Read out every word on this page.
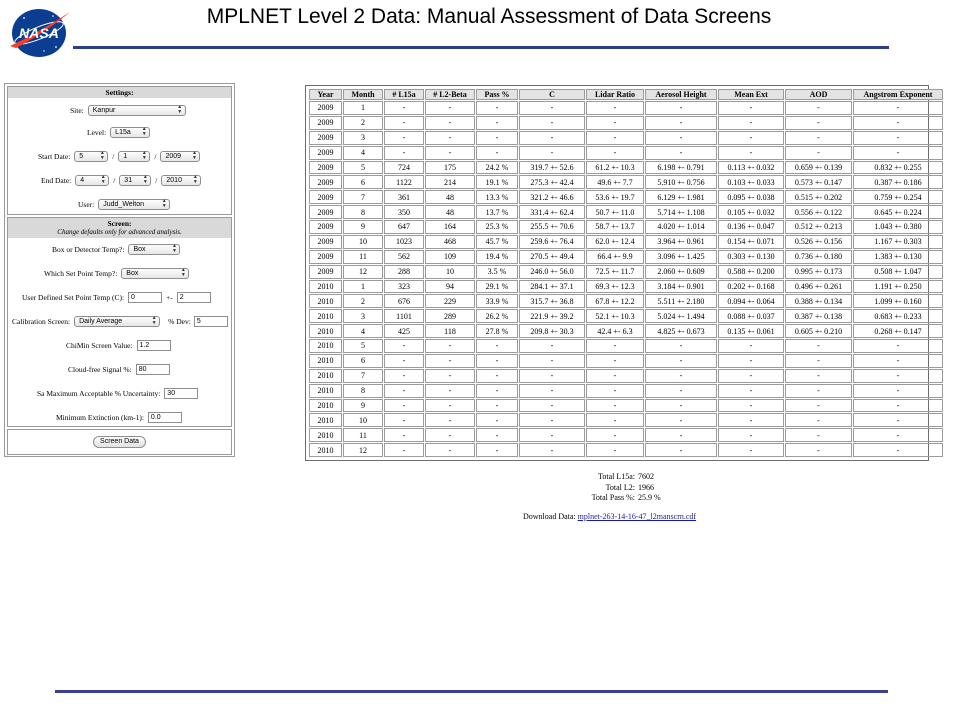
NASA
MPLNET Level 2 Data: Manual Assessment of Data Screens
Settings:
Site: Kanpur	▲
▼
Level: L15a ▲
▼
Start Date: 5	▲
▼ / 1	▲
▼ / 2009 ▲
▼
End Date: 4	▲
▼ / 31 ▲
▼ / 2010 ▲
▼
User: Judd_Welton	▲
▼
Screen:
Change defaults only for advanced analysis.
Box or Detector Temp?: Box	▲
▼
Which Set Point Temp?: Box	▲
▼
User Defined Set Point Temp (C):	0	+-	2
Calibration Screen: Daily Average	▲
▼ % Dev: 5
ChiMin Screen Value:	1.2
Cloud-free Signal %:	80
Sa Maximum Acceptable % Uncertainty:	30
Minimum Extinction (km-1):	0.0
Screen Data
Year	Month	# L15a	# L2-Beta	Pass %	C	Lidar Ratio	Aerosol Height	Mean Ext	AOD	Angstrom Exponent
2009	1	-	-	-	-	-	-	-	-	-
2009	2	-	-	-	-	-	-	-	-	-
2009	3	-	-	-	-	-	-	-	-	-
2009	4	-	-	-	-	-	-	-	-	-
2009	5	724	175	24.2 %	319.7 +- 52.6	61.2 +- 10.3	6.198 +- 0.791	0.113 +- 0.032	0.659 +- 0.139	0.832 +- 0.255
2009	6	1122	214	19.1 %	275.3 +- 42.4	49.6 +- 7.7	5.910 +- 0.756	0.103 +- 0.033	0.573 +- 0.147	0.387 +- 0.186
2009	7	361	48	13.3 %	321.2 +- 46.6	53.6 +- 19.7	6.129 +- 1.981	0.095 +- 0.038	0.515 +- 0.202	0.759 +- 0.254
2009	8	350	48	13.7 %	331.4 +- 62.4	50.7 +- 11.0	5.714 +- 1.108	0.105 +- 0.032	0.556 +- 0.122	0.645 +- 0.224
2009	9	647	164	25.3 %	255.5 +- 70.6	58.7 +- 13.7	4.020 +- 1.014	0.136 +- 0.047	0.512 +- 0.213	1.043 +- 0.380
2009	10	1023	468	45.7 %	259.6 +- 76.4	62.0 +- 12.4	3.964 +- 0.961	0.154 +- 0.071	0.526 +- 0.156	1.167 +- 0.303
2009	11	562	109	19.4 %	270.5 +- 49.4	66.4 +- 9.9	3.096 +- 1.425	0.303 +- 0.130	0.736 +- 0.180	1.383 +- 0.130
2009	12	288	10	3.5 %	246.0 +- 56.0	72.5 +- 11.7	2.060 +- 0.609	0.588 +- 0.200	0.995 +- 0.173	0.508 +- 1.047
2010	1	323	94	29.1 %	284.1 +- 37.1	69.3 +- 12.3	3.184 +- 0.901	0.202 +- 0.168	0.496 +- 0.261	1.191 +- 0.250
2010	2	676	229	33.9 %	315.7 +- 36.8	67.8 +- 12.2	5.511 +- 2.180	0.094 +- 0.064	0.388 +- 0.134	1.099 +- 0.160
2010	3	1101	289	26.2 %	221.9 +- 39.2	52.1 +- 10.3	5.024 +- 1.494	0.088 +- 0.037	0.387 +- 0.138	0.683 +- 0.233
2010	4	425	118	27.8 %	209.8 +- 30.3	42.4 +- 6.3	4.825 +- 0.673	0.135 +- 0.061	0.605 +- 0.210	0.268 +- 0.147
2010	5	-	-	-	-	-	-	-	-	-
2010	6	-	-	-	-	-	-	-	-	-
2010	7	-	-	-	-	-	-	-	-	-
2010	8	-	-	-	-	-	-	-	-	-
2010	9	-	-	-	-	-	-	-	-	-
2010	10	-	-	-	-	-	-	-	-	-
2010	11	-	-	-	-	-	-	-	-	-
2010	12	-	-	-	-	-	-	-	-	-
Total L15a: 7602
Total L2: 1966
Total Pass %: 25.9 %
Download Data: mplnet-263-14-16-47_l2manscrn.cdf
